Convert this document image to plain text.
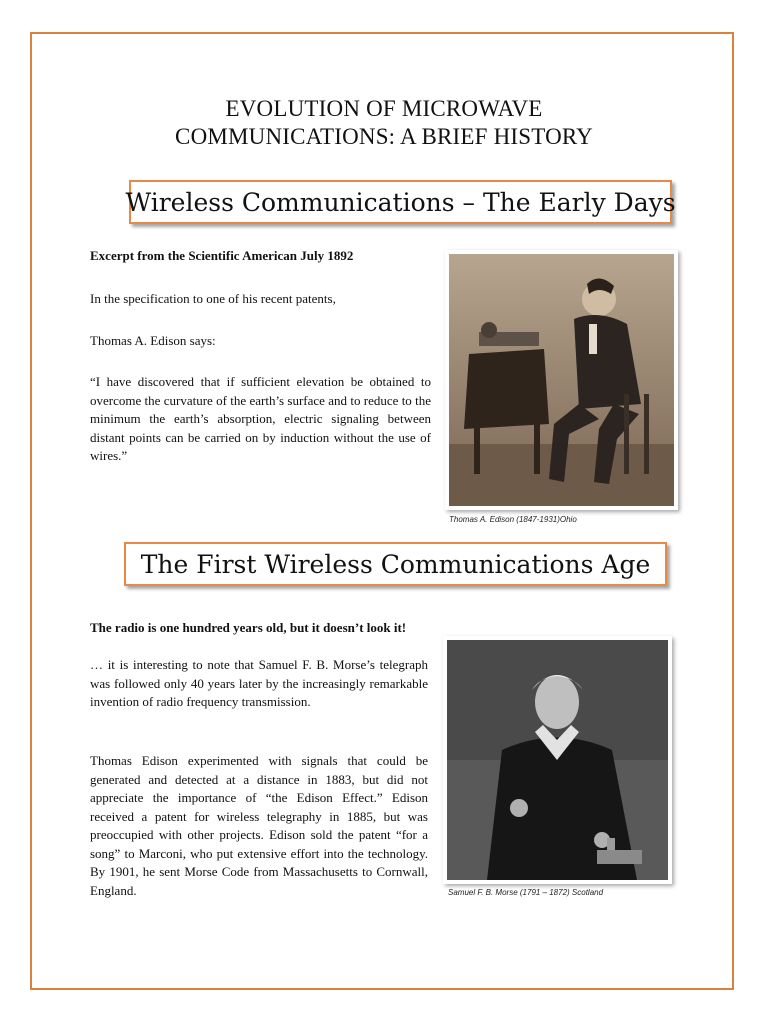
EVOLUTION OF MICROWAVE
COMMUNICATIONS: A BRIEF HISTORY
Wireless Communications – The Early Days
Excerpt from the Scientific American July 1892
In the specification to one of his recent patents,
Thomas A. Edison says:
“I have discovered that if sufficient elevation be obtained to overcome the curvature of the earth’s surface and to reduce to the minimum the earth’s absorption, electric signaling between distant points can be carried on by induction without the use of wires.”
Thomas A. Edison (1847-1931)Ohio
The First Wireless Communications Age
The radio is one hundred years old, but it doesn’t look it!
… it is interesting to note that Samuel F. B. Morse’s telegraph was followed only 40 years later by the increasingly remarkable invention of radio frequency transmission.
Thomas Edison experimented with signals that could be generated and detected at a distance in 1883, but did not appreciate the importance of “the Edison Effect.” Edison received a patent for wireless telegraphy in 1885, but was preoccupied with other projects. Edison sold the patent “for a song” to Marconi, who put extensive effort into the technology. By 1901, he sent Morse Code from Massachusetts to Cornwall, England.	Samuel F. B. Morse (1791 – 1872) Scotland
